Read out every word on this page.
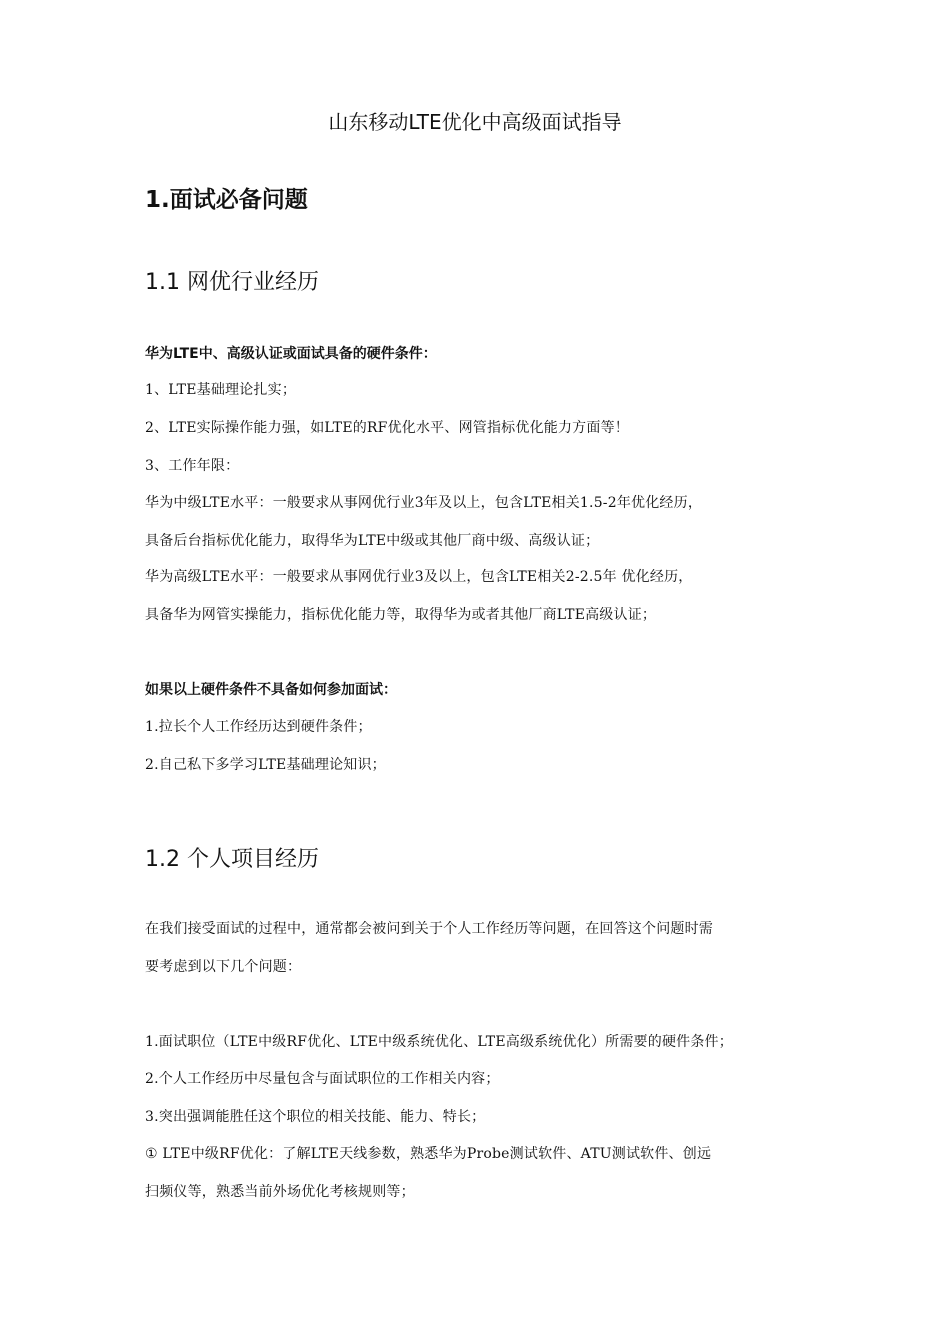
山东移动LTE优化中高级面试指导
1.面试必备问题
1.1 网优行业经历
华为LTE中、高级认证或面试具备的硬件条件：
1、LTE基础理论扎实；
2、LTE实际操作能力强，如LTE的RF优化水平、网管指标优化能力方面等！
3、工作年限：
华为中级LTE水平：一般要求从事网优行业3年及以上，包含LTE相关1.5-2年优化经历，
具备后台指标优化能力，取得华为LTE中级或其他厂商中级、高级认证；
华为高级LTE水平：一般要求从事网优行业3及以上，包含LTE相关2-2.5年 优化经历，
具备华为网管实操能力，指标优化能力等，取得华为或者其他厂商LTE高级认证；
如果以上硬件条件不具备如何参加面试：
1.拉长个人工作经历达到硬件条件；
2.自己私下多学习LTE基础理论知识；
1.2 个人项目经历
在我们接受面试的过程中，通常都会被问到关于个人工作经历等问题，在回答这个问题时需
要考虑到以下几个问题：
1.面试职位（LTE中级RF优化、LTE中级系统优化、LTE高级系统优化）所需要的硬件条件；
2.个人工作经历中尽量包含与面试职位的工作相关内容；
3.突出强调能胜任这个职位的相关技能、能力、特长；
① LTE中级RF优化：了解LTE天线参数，熟悉华为Probe测试软件、ATU测试软件、创远
扫频仪等，熟悉当前外场优化考核规则等；
